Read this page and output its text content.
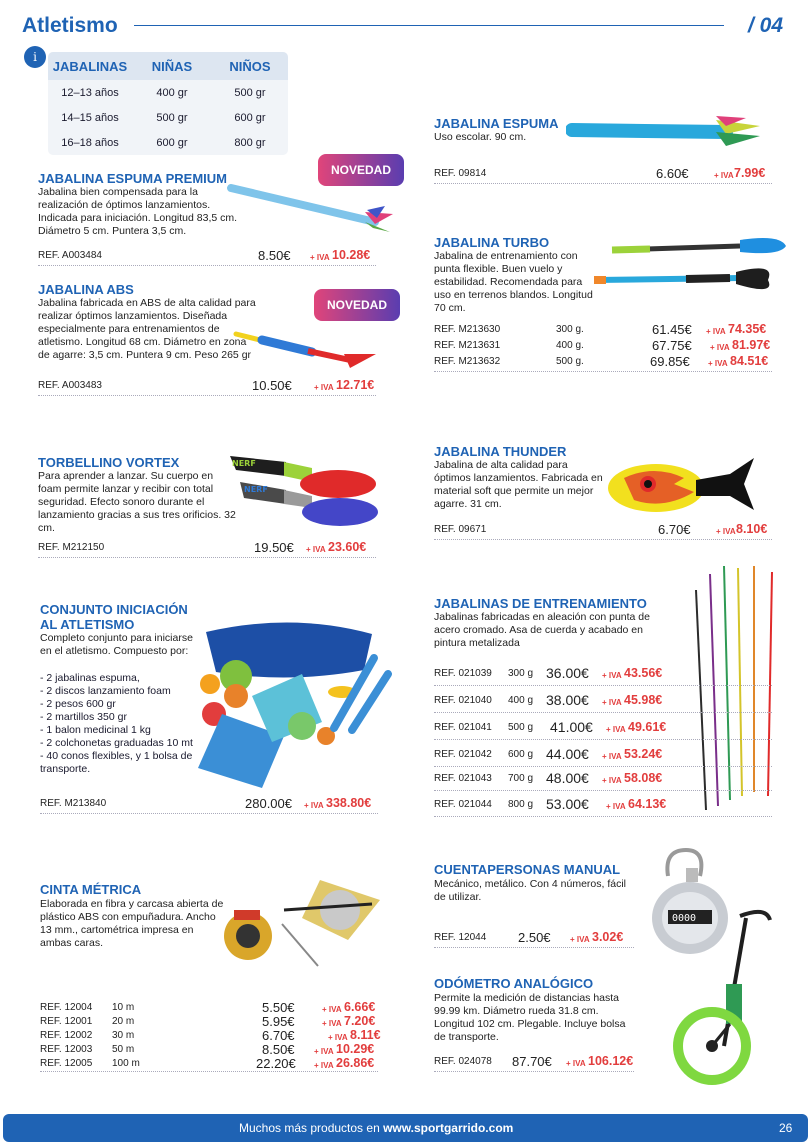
Atletismo	/ 04
i
JABALINAS	NIÑAS	NIÑOS
12–13 años	400 gr	500 gr
14–15 años	500 gr	600 gr
16–18 años	600 gr	800 gr
NOVEDAD
JABALINA ESPUMA PREMIUM
Jabalina bien compensada para la realización de óptimos lanzamientos. Indicada para iniciación. Longitud 83,5 cm. Diámetro 5 cm. Puntera 3,5 cm.
REF. A003484	8.50€ + IVA 10.28€
NOVEDAD
JABALINA ABS
Jabalina fabricada en ABS de alta calidad para realizar óptimos lanzamientos. Diseñada especialmente para entrenamientos de atletismo. Longitud 68 cm. Diámetro en zona de agarre: 3,5 cm. Puntera 9 cm. Peso 265 gr
REF. A003483	10.50€	+ IVA 12.71€
TORBELLINO VORTEX
Para aprender a lanzar. Su cuerpo en foam permite lanzar y recibir con total seguridad. Efecto sonoro durante el lanzamiento gracias a sus tres orificios. 32 cm.
NERF
NERF
REF. M212150	19.50€ + IVA 23.60€
CONJUNTO INICIACIÓN
AL ATLETISMO
Completo conjunto para iniciarse en el atletismo. Compuesto por:
- 2 jabalinas espuma,
- 2 discos lanzamiento foam
- 2 pesos 600 gr
- 2 martillos 350 gr
- 1 balon medicinal 1 kg
- 2 colchonetas graduadas 10 mt
- 40 conos flexibles, y 1 bolsa de transporte.
REF. M213840	280.00€ + IVA 338.80€
CINTA MÉTRICA
Elaborada en fibra y carcasa abierta de plástico ABS con empuñadura. Ancho 13 mm., cartométrica impresa en ambas caras.
REF. 12004 10 m	5.50€	+ IVA 6.66€
REF. 12001 20 m	5.95€	+ IVA 7.20€
REF. 12002 30 m	6.70€	+ IVA 8.11€
REF. 12003 50 m	8.50€ + IVA 10.29€
REF. 12005 100 m	22.20€ + IVA 26.86€
JABALINA ESPUMA
Uso escolar. 90 cm.
REF. 09814	6.60€	+ IVA 7.99€
JABALINA TURBO
Jabalina de entrenamiento con punta flexible. Buen vuelo y estabilidad. Recomendada para uso en terrenos blandos. Longitud 70 cm.
REF. M213630	300 g.	61.45€ + IVA 74.35€
REF. M213631	400 g.	67.75€ + IVA 81.97€
REF. M213632	500 g.	69.85€ + IVA 84.51€
JABALINA THUNDER
Jabalina de alta calidad para óptimos lanzamientos. Fabricada en material soft que permite un mejor agarre. 31 cm.
REF. 09671	6.70€	+ IVA 8.10€
JABALINAS DE ENTRENAMIENTO
Jabalinas fabricadas en aleación con punta de acero cromado. Asa de cuerda y acabado en pintura metalizada
REF. 021039 300 g 36.00€ + IVA 43.56€
REF. 021040 400 g 38.00€ + IVA 45.98€
REF. 021041 500 g 41.00€ + IVA 49.61€
REF. 021042 600 g 44.00€ + IVA 53.24€
REF. 021043 700 g 48.00€ + IVA 58.08€
REF. 021044 800 g 53.00€ + IVA 64.13€
CUENTAPERSONAS MANUAL
Mecánico, metálico. Con 4 números, fácil de utilizar.
0000
REF. 12044 2.50€ + IVA 3.02€
ODÓMETRO ANALÓGICO
Permite la medición de distancias hasta 99.99 km. Diámetro rueda 31.8 cm. Longitud 102 cm. Plegable. Incluye bolsa de transporte.
REF. 024078 87.70€ + IVA 106.12€
Muchos más productos en www.sportgarrido.com	26
